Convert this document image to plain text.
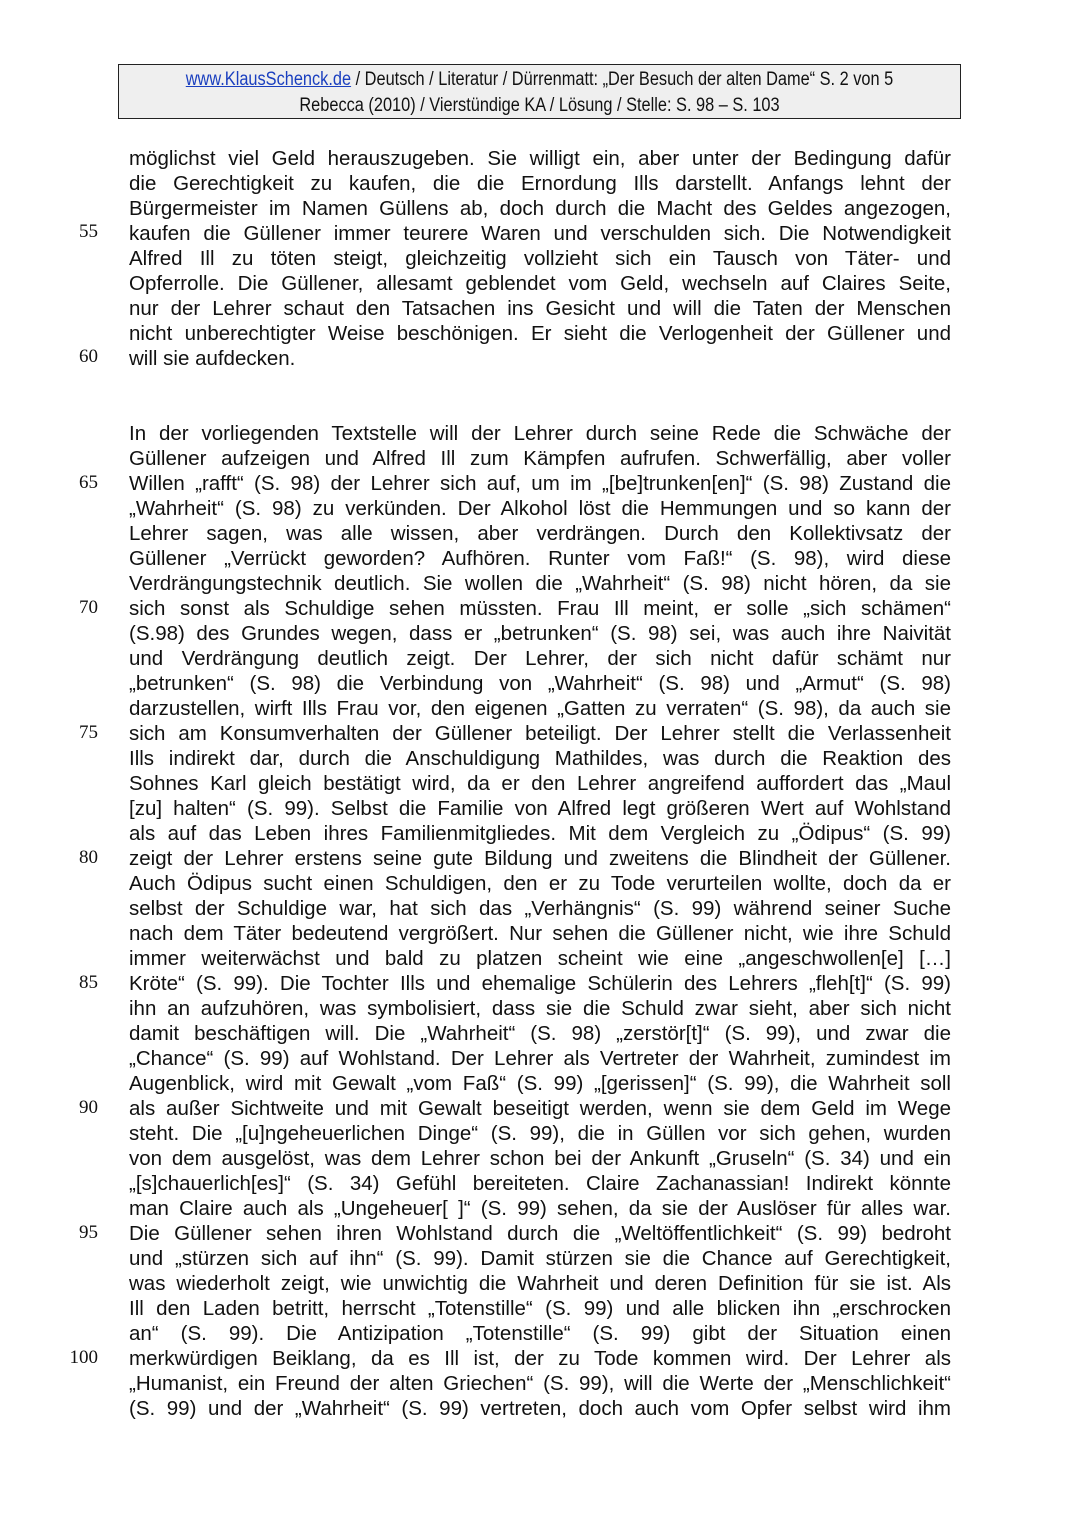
www.KlausSchenck.de / Deutsch / Literatur / Dürrenmatt: „Der Besuch der alten Dame“ S. 2 von 5
Rebecca (2010) / Vierstündige KA / Lösung / Stelle: S. 98 – S. 103
55
60
65
70
75
80
85
90
95
100
möglichst viel Geld herauszugeben. Sie willigt ein, aber unter der Bedingung dafür
die Gerechtigkeit zu kaufen, die die Ernordung Ills darstellt. Anfangs lehnt der
Bürgermeister im Namen Güllens ab, doch durch die Macht des Geldes angezogen,
kaufen die Güllener immer teurere Waren und verschulden sich. Die Notwendigkeit
Alfred Ill zu töten steigt, gleichzeitig vollzieht sich ein Tausch von Täter- und
Opferrolle. Die Güllener, allesamt geblendet vom Geld, wechseln auf Claires Seite,
nur der Lehrer schaut den Tatsachen ins Gesicht und will die Taten der Menschen
nicht unberechtigter Weise beschönigen. Er sieht die Verlogenheit der Güllener und
will sie aufdecken.
In der vorliegenden Textstelle will der Lehrer durch seine Rede die Schwäche der
Güllener aufzeigen und Alfred Ill zum Kämpfen aufrufen. Schwerfällig, aber voller
Willen „rafft“ (S. 98) der Lehrer sich auf, um im „[be]trunken[en]“ (S. 98) Zustand die
„Wahrheit“ (S. 98) zu verkünden. Der Alkohol löst die Hemmungen und so kann der
Lehrer sagen, was alle wissen, aber verdrängen. Durch den Kollektivsatz der
Güllener „Verrückt geworden? Aufhören. Runter vom Faß!“ (S. 98), wird diese
Verdrängungstechnik deutlich. Sie wollen die „Wahrheit“ (S. 98) nicht hören, da sie
sich sonst als Schuldige sehen müssten. Frau Ill meint, er solle „sich schämen“
(S.98) des Grundes wegen, dass er „betrunken“ (S. 98) sei, was auch ihre Naivität
und Verdrängung deutlich zeigt. Der Lehrer, der sich nicht dafür schämt nur
„betrunken“ (S. 98) die Verbindung von „Wahrheit“ (S. 98) und „Armut“ (S. 98)
darzustellen, wirft Ills Frau vor, den eigenen „Gatten zu verraten“ (S. 98), da auch sie
sich am Konsumverhalten der Güllener beteiligt. Der Lehrer stellt die Verlassenheit
Ills indirekt dar, durch die Anschuldigung Mathildes, was durch die Reaktion des
Sohnes Karl gleich bestätigt wird, da er den Lehrer angreifend auffordert das „Maul
[zu] halten“ (S. 99). Selbst die Familie von Alfred legt größeren Wert auf Wohlstand
als auf das Leben ihres Familienmitgliedes. Mit dem Vergleich zu „Ödipus“ (S. 99)
zeigt der Lehrer erstens seine gute Bildung und zweitens die Blindheit der Güllener.
Auch Ödipus sucht einen Schuldigen, den er zu Tode verurteilen wollte, doch da er
selbst der Schuldige war, hat sich das „Verhängnis“ (S. 99) während seiner Suche
nach dem Täter bedeutend vergrößert. Nur sehen die Güllener nicht, wie ihre Schuld
immer weiterwächst und bald zu platzen scheint wie eine „angeschwollen[e] […]
Kröte“ (S. 99). Die Tochter Ills und ehemalige Schülerin des Lehrers „fleh[t]“ (S. 99)
ihn an aufzuhören, was symbolisiert, dass sie die Schuld zwar sieht, aber sich nicht
damit beschäftigen will. Die „Wahrheit“ (S. 98) „zerstör[t]“ (S. 99), und zwar die
„Chance“ (S. 99) auf Wohlstand. Der Lehrer als Vertreter der Wahrheit, zumindest im
Augenblick, wird mit Gewalt „vom Faß“ (S. 99) „[gerissen]“ (S. 99), die Wahrheit soll
als außer Sichtweite und mit Gewalt beseitigt werden, wenn sie dem Geld im Wege
steht. Die „[u]ngeheuerlichen Dinge“ (S. 99), die in Güllen vor sich gehen, wurden
von dem ausgelöst, was dem Lehrer schon bei der Ankunft „Gruseln“ (S. 34) und ein
„[s]chauerlich[es]“ (S. 34) Gefühl bereiteten. Claire Zachanassian! Indirekt könnte
man Claire auch als „Ungeheuer[ ]“ (S. 99) sehen, da sie der Auslöser für alles war.
Die Güllener sehen ihren Wohlstand durch die „Weltöffentlichkeit“ (S. 99) bedroht
und „stürzen sich auf ihn“ (S. 99). Damit stürzen sie die Chance auf Gerechtigkeit,
was wiederholt zeigt, wie unwichtig die Wahrheit und deren Definition für sie ist. Als
Ill den Laden betritt, herrscht „Totenstille“ (S. 99) und alle blicken ihn „erschrocken
an“ (S. 99). Die Antizipation „Totenstille“ (S. 99) gibt der Situation einen
merkwürdigen Beiklang, da es Ill ist, der zu Tode kommen wird. Der Lehrer als
„Humanist, ein Freund der alten Griechen“ (S. 99), will die Werte der „Menschlichkeit“
(S. 99) und der „Wahrheit“ (S. 99) vertreten, doch auch vom Opfer selbst wird ihm
